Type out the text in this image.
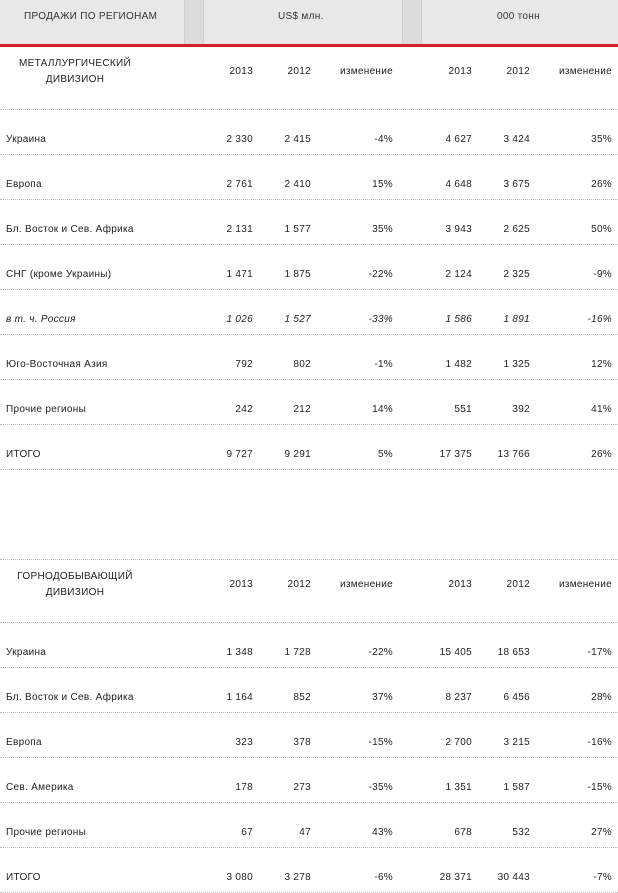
ПРОДАЖИ ПО РЕГИОНАМ	US$ млн.	000 тонн
МЕТАЛЛУРГИЧЕСКИЙ
ДИВИЗИОН
2013	2012	изменение	2013	2012	изменение
Украина	2 330	2 415	-4%	4 627	3 424	35%
Европа	2 761	2 410	15%	4 648	3 675	26%
Бл. Восток и Сев. Африка	2 131	1 577	35%	3 943	2 625	50%
СНГ (кроме Украины)	1 471	1 875	-22%	2 124	2 325	-9%
в т. ч. Россия	1 026	1 527	-33%	1 586	1 891	-16%
Юго-Восточная Азия	792	802	-1%	1 482	1 325	12%
Прочие регионы	242	212	14%	551	392	41%
ИТОГО	9 727	9 291	5%	17 375	13 766	26%
ГОРНОДОБЫВАЮЩИЙ
ДИВИЗИОН
2013	2012	изменение	2013	2012	изменение
Украина	1 348	1 728	-22%	15 405	18 653	-17%
Бл. Восток и Сев. Африка	1 164	852	37%	8 237	6 456	28%
Европа	323	378	-15%	2 700	3 215	-16%
Сев. Америка	178	273	-35%	1 351	1 587	-15%
Прочие регионы	67	47	43%	678	532	27%
ИТОГО	3 080	3 278	-6%	28 371	30 443	-7%
